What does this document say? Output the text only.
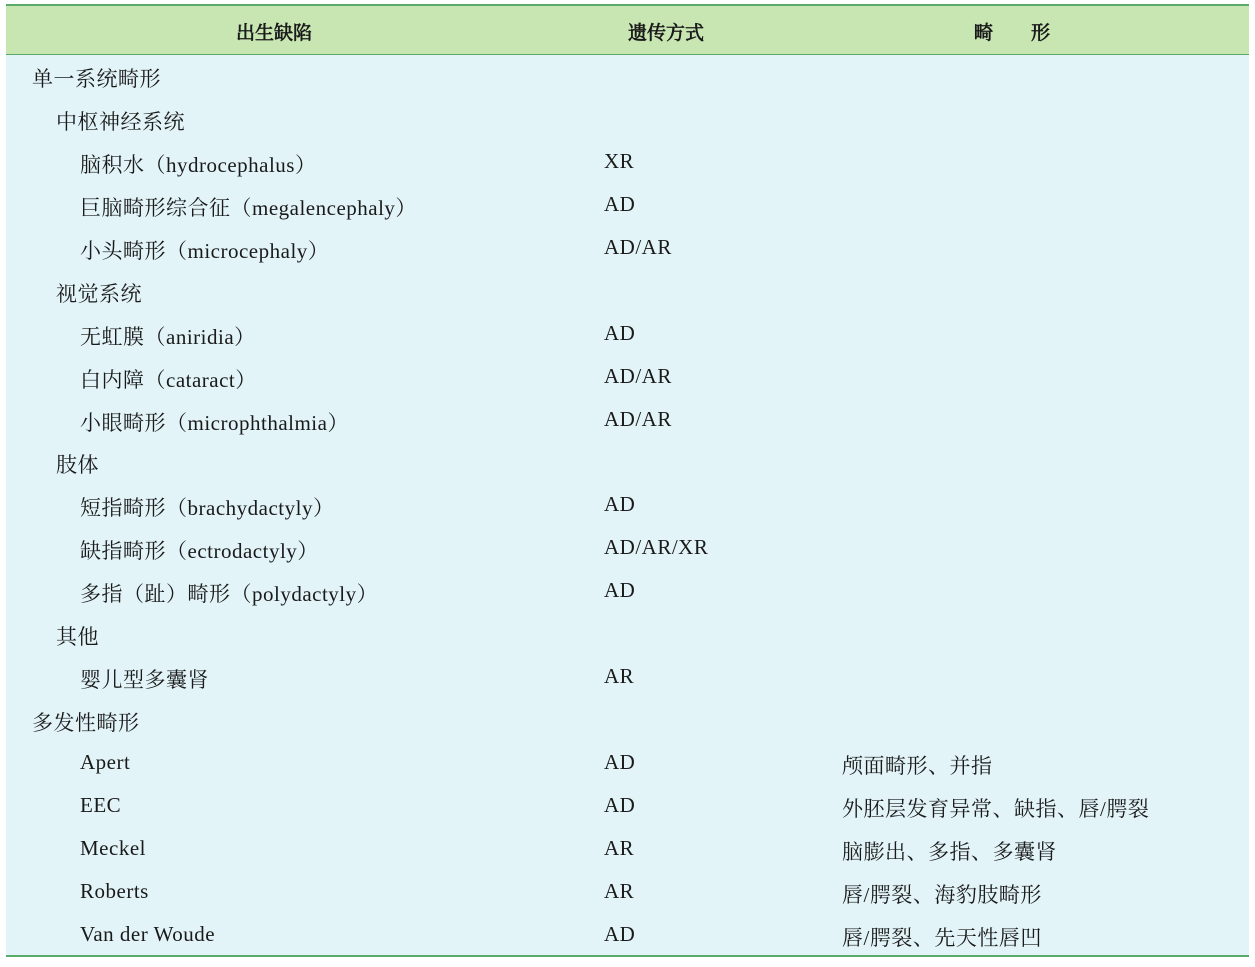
出生缺陷	遗传方式	畸　　形
单一系统畸形
中枢神经系统
脑积水（hydrocephalus）	XR
巨脑畸形综合征（megalencephaly）	AD
小头畸形（microcephaly）	AD/AR
视觉系统
无虹膜（aniridia）	AD
白内障（cataract）	AD/AR
小眼畸形（microphthalmia）	AD/AR
肢体
短指畸形（brachydactyly）	AD
缺指畸形（ectrodactyly）	AD/AR/XR
多指（趾）畸形（polydactyly）	AD
其他
婴儿型多囊肾	AR
多发性畸形
Apert	AD	颅面畸形、并指
EEC	AD	外胚层发育异常、缺指、唇/腭裂
Meckel	AR	脑膨出、多指、多囊肾
Roberts	AR	唇/腭裂、海豹肢畸形
Van der Woude	AD	唇/腭裂、先天性唇凹
